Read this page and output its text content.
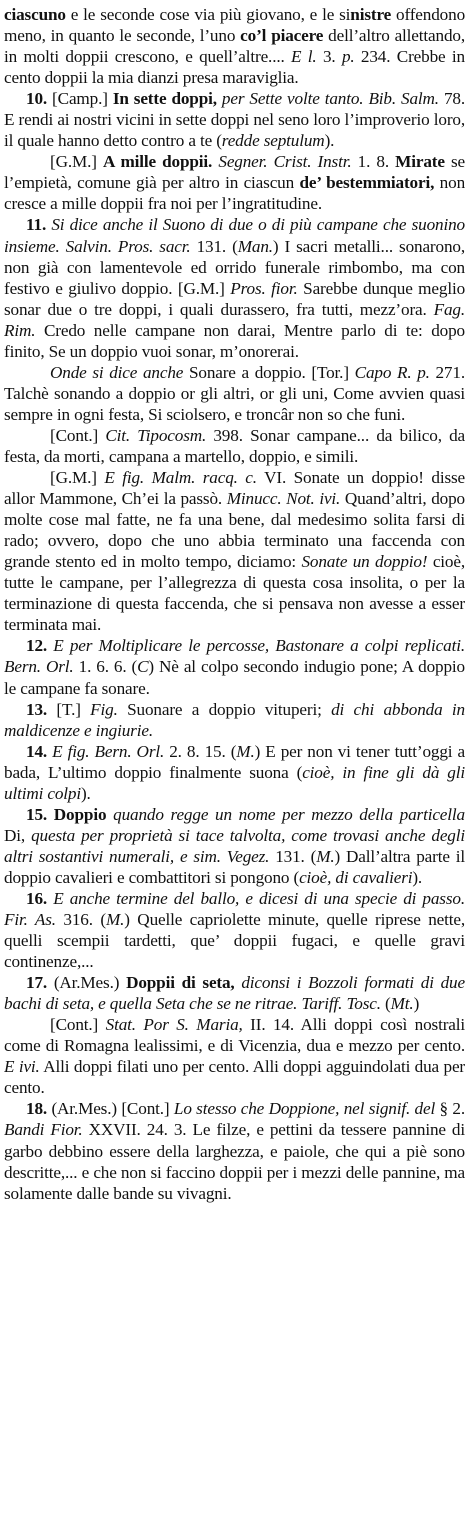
ciascuno e le seconde cose via più giovano, e le sinistre offendono meno, in quanto le seconde, l’uno co’l piacere dell’altro allettando, in molti doppii crescono, e quell’altre.... E l. 3. p. 234. Crebbe in cento doppii la mia dianzi presa maraviglia.

10. [Camp.] In sette doppi, per Sette volte tanto. Bib. Salm. 78. E rendi ai nostri vicini in sette doppi nel seno loro l’improverio loro, il quale hanno detto contro a te (redde septulum).

[G.M.] A mille doppii. Segner. Crist. Instr. 1. 8. Mirate se l’empietà, comune già per altro in ciascun de’ bestemmiatori, non cresce a mille doppii fra noi per l’ingratitudine.

11. Si dice anche il Suono di due o di più campane che suonino insieme. Salvin. Pros. sacr. 131. (Man.) I sacri metalli... sonarono, non già con lamentevole ed orrido funerale rimbombo, ma con festivo e giulivo doppio. [G.M.] Pros. fior. Sarebbe dunque meglio sonar due o tre doppi, i quali durassero, fra tutti, mezz’ora. Fag. Rim. Credo nelle campane non darai, Mentre parlo di te: dopo finito, Se un doppio vuoi sonar, m’onorerai.

Onde si dice anche Sonare a doppio. [Tor.] Capo R. p. 271. Talchè sonando a doppio or gli altri, or gli uni, Come avvien quasi sempre in ogni festa, Si sciolsero, e troncâr non so che funi.

[Cont.] Cit. Tipocosm. 398. Sonar campane... da bilico, da festa, da morti, campana a martello, doppio, e simili.

[G.M.] E fig. Malm. racq. c. VI. Sonate un doppio! disse allor Mammone, Ch’ei la passò. Minucc. Not. ivi. Quand’altri, dopo molte cose mal fatte, ne fa una bene, dal medesimo solita farsi di rado; ovvero, dopo che uno abbia terminato una faccenda con grande stento ed in molto tempo, diciamo: Sonate un doppio! cioè, tutte le campane, per l’allegrezza di questa cosa insolita, o per la terminazione di questa faccenda, che si pensava non avesse a esser terminata mai.

12. E per Moltiplicare le percosse, Bastonare a colpi replicati. Bern. Orl. 1. 6. 6. (C) Nè al colpo secondo indugio pone; A doppio le campane fa sonare.

13. [T.] Fig. Suonare a doppio vituperi; di chi abbonda in maldicenze e ingiurie.

14. E fig. Bern. Orl. 2. 8. 15. (M.) E per non vi tener tutt’oggi a bada, L’ultimo doppio finalmente suona (cioè, in fine gli dà gli ultimi colpi).

15. Doppio quando regge un nome per mezzo della particella Di, questa per proprietà si tace talvolta, come trovasi anche degli altri sostantivi numerali, e sim. Vegez. 131. (M.) Dall’altra parte il doppio cavalieri e combattitori si pongono (cioè, di cavalieri).

16. E anche termine del ballo, e dicesi di una specie di passo. Fir. As. 316. (M.) Quelle capriolette minute, quelle riprese nette, quelli scempii tardetti, que’ doppii fugaci, e quelle gravi continenze,...

17. (Ar.Mes.) Doppii di seta, diconsi i Bozzoli formati di due bachi di seta, e quella Seta che se ne ritrae. Tariff. Tosc. (Mt.)

[Cont.] Stat. Por S. Maria, II. 14. Alli doppi così nostrali come di Romagna lealissimi, e di Vicenzia, dua e mezzo per cento. E ivi. Alli doppi filati uno per cento. Alli doppi agguindolati dua per cento.

18. (Ar.Mes.) [Cont.] Lo stesso che Doppione, nel signif. del § 2. Bandi Fior. XXVII. 24. 3. Le filze, e pettini da tessere pannine di garbo debbino essere della larghezza, e paiole, che qui a piè sono descritte,... e che non si faccino doppiі per i mezzi delle pannine, ma solamente dalle bande su vivagni.
